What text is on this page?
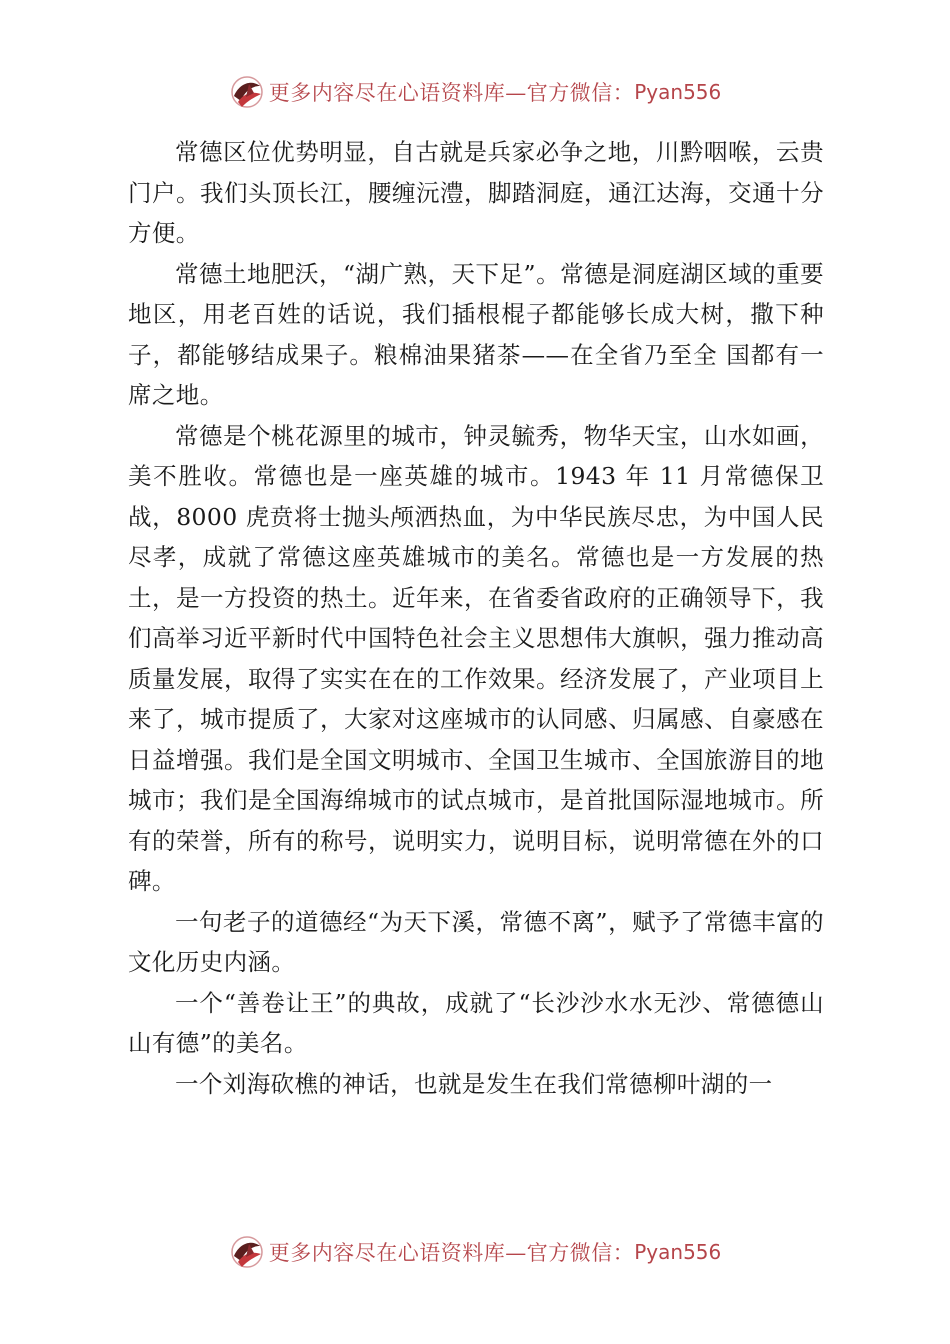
更多内容尽在心语资料库—官方微信： Pyan556

常德区位优势明显，自古就是兵家必争之地，川黔咽喉，云贵门户。我们头顶长江，腰缠沅澧，脚踏洞庭，通江达海，交通十分方便。

常德土地肥沃，“湖广熟，天下足”。常德是洞庭湖区域的重要地区，用老百姓的话说，我们插根棍子都能够长成大树，撒下种子，都能够结成果子。粮棉油果猪茶——在全省乃至全 国都有一席之地。

常德是个桃花源里的城市，钟灵毓秀，物华天宝，山水如画，美不胜收。常德也是一座英雄的城市。1943 年 11 月常德保卫战，8000 虎贲将士抛头颅洒热血，为中华民族尽忠，为中国人民尽孝，成就了常德这座英雄城市的美名。常德也是一方发展的热土，是一方投资的热土。近年来，在省委省政府的正确领导下，我们高举习近平新时代中国特色社会主义思想伟大旗帜，强力推动高质量发展，取得了实实在在的工作效果。经济发展了，产业项目上来了，城市提质了，大家对这座城市的认同感、归属感、自豪感在日益增强。我们是全国文明城市、全国卫生城市、全国旅游目的地城市；我们是全国海绵城市的试点城市，是首批国际湿地城市。所有的荣誉，所有的称号，说明实力，说明目标，说明常德在外的口碑。

一句老子的道德经“为天下溪，常德不离”，赋予了常德丰富的文化历史内涵。

一个“善卷让王”的典故，成就了“长沙沙水水无沙、常德德山山有德”的美名。

一个刘海砍樵的神话，也就是发生在我们常德柳叶湖的一

更多内容尽在心语资料库—官方微信： Pyan556
